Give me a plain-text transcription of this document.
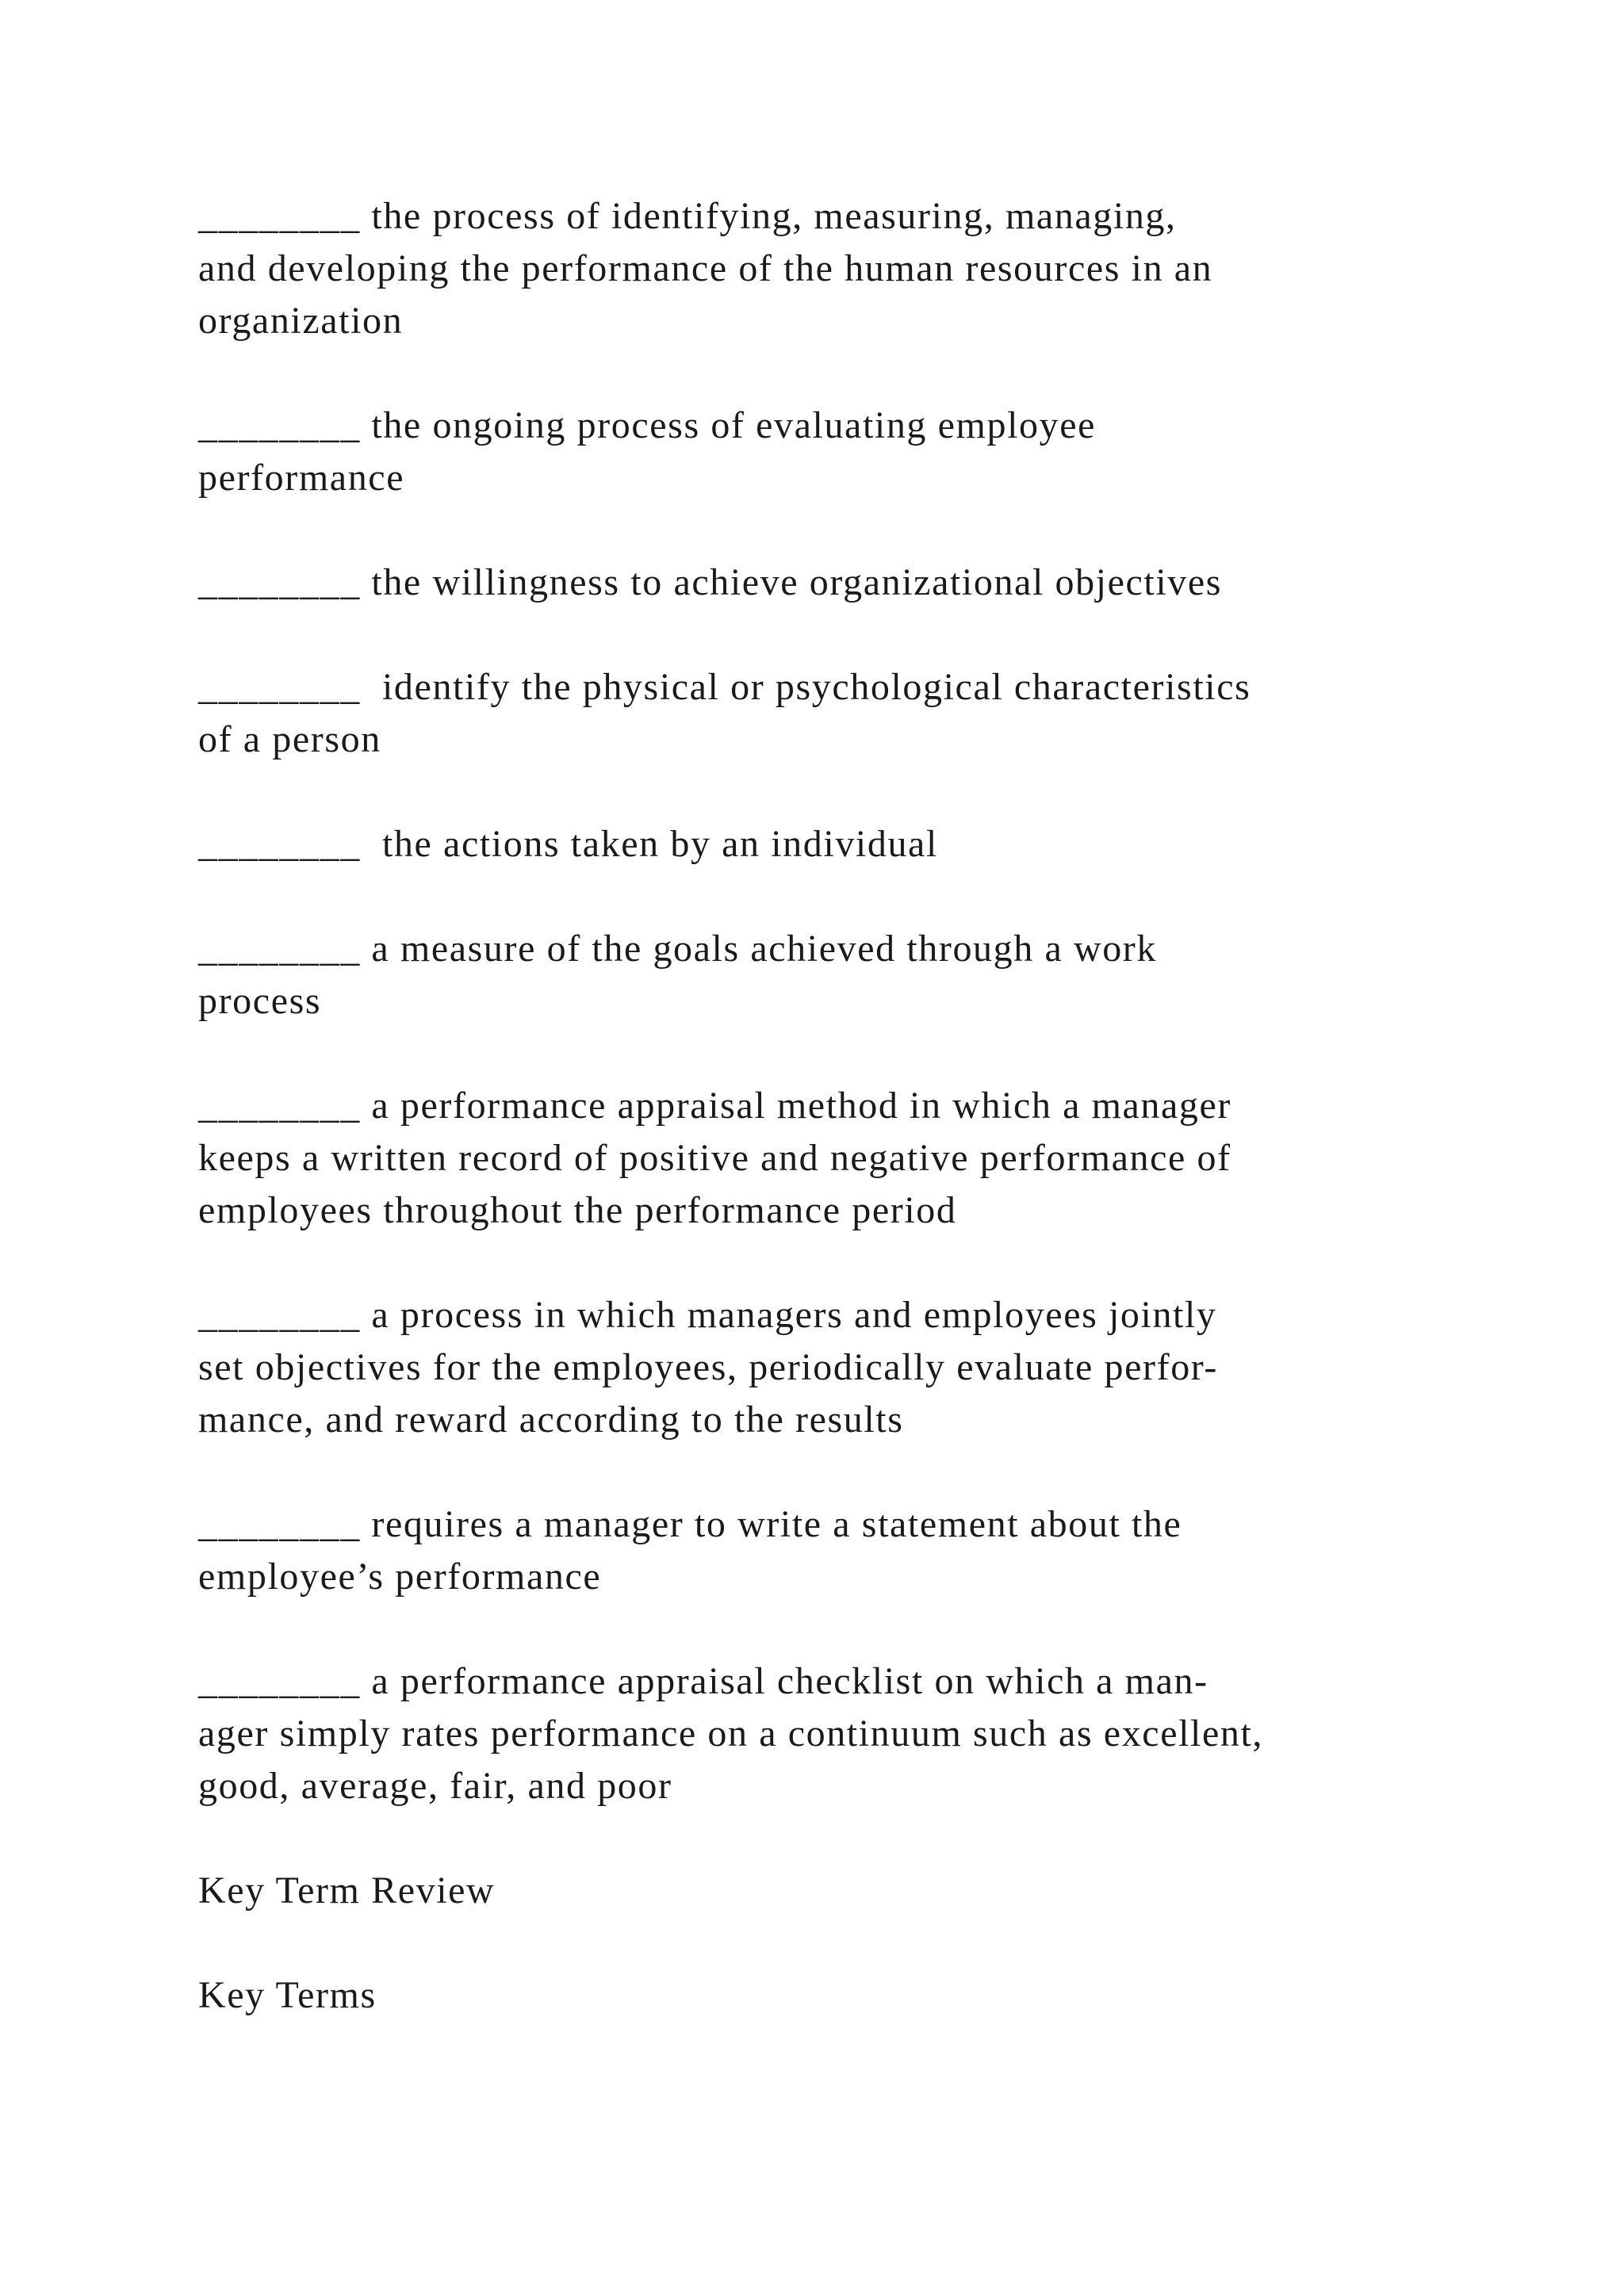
________ the process of identifying, measuring, managing,
and developing the performance of the human resources in an
organization
________ the ongoing process of evaluating employee
performance
________ the willingness to achieve organizational objectives
________  identify the physical or psychological characteristics
of a person
________  the actions taken by an individual
________ a measure of the goals achieved through a work
process
________ a performance appraisal method in which a manager
keeps a written record of positive and negative performance of
employees throughout the performance period
________ a process in which managers and employees jointly
set objectives for the employees, periodically evaluate perfor-
mance, and reward according to the results
________ requires a manager to write a statement about the
employee’s performance
________ a performance appraisal checklist on which a man-
ager simply rates performance on a continuum such as excellent,
good, average, fair, and poor
Key Term Review
Key Terms
